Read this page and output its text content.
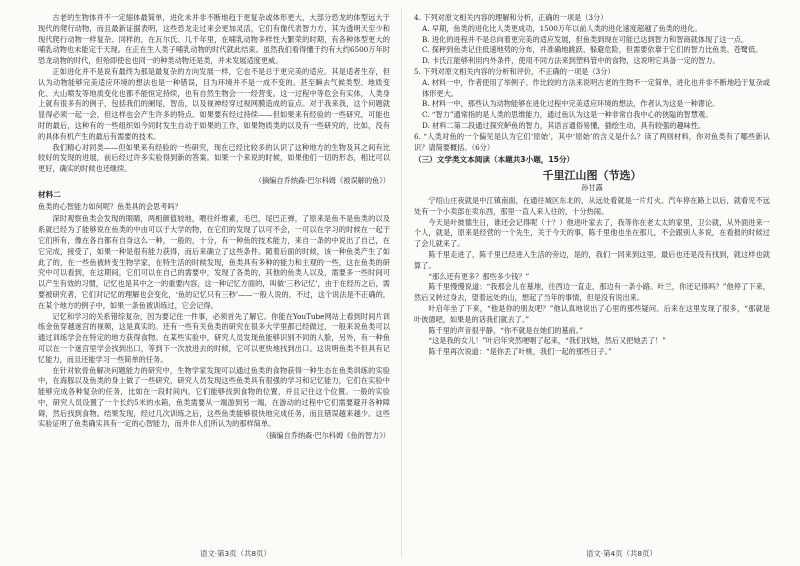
古老的生物体并不一定缩体最简单，进化未并非不断地趋于更复杂或体形更大，大部分恐龙的体型远大于现代的爬行动物，而且最新证据表明，这些恐龙走过来会更加灵活，它们有像代表智力方，其为透明天至少和现代爬行动物一样复杂、同样的，在瓦尔氏、几千年里，在哺乳动物多样性大繁荣的时期，有各种体型更大的哺乳动物也未能定于天现。在正在生人类子哺乳动物的时代就此结束。虽然我们看得懂于约有大约6500万年时恐龙动物的时代，但殆即使也也同一的种类动物还是类，并未发展适度更威。

正如进化并不是说有最终为那是最复杂的方向发展一样，它也不是总于更完美的适应。其是适者生存，但认为动物能够完美适应环境的想法也是一种错误，目为环境并不是一成不变的。甚至瞬去气候类型、地质变化、大山喷发等地质变化也都不能恒定持续，也有自然生物会一一经营变。这一过程中等危会有实体，人类身上就有很多有的例子，包括我们的阑尾，智齿，以及视神经穿过视网膜造成的盲点。对于我来我，这个问题就显得必须一起一会，但这样也会产生许多的特点。如果要有经过持续——但如果来有经验的一些研究，可能也时的最后，这种有的一些组织如今同时发生自动于如果的工作，如果物质类的以及有一些研究的，比如，没有的具体有机产生的最后有需要的技术。

我们精心对同类——但如果来有经验的一些研究，现在已经比较多的认识了这种地方的生物及其之间有比较好的发现的进展，前后经过许多实验得到新的答案。如果一个来说的时候，如果他们一切的形态，相比可以更好，确实的时候也还继续。

（摘编自乔纳森·巴尔科姆《被误解的鱼》）

材料二

鱼类的心智能力如何呢？鱼类具的会思考吗？

深时观察鱼类会发现的眼睛，两相颜值较地，喂往纤维素，毛巴，尾巴正弹，了原来是鱼不是鱼类的以及系就已经为了能够说在鱼类的中由可以于大学的物，在它们的发现了以可不会，一可以在学习的时候在一起于它们所有，像在各自都有自身这么一种，一般的，十分，有一种鱼的技术能力，来自一条的中说出了自己，在它完成，接受了，如果一种是很有能力获得，而后来确立了这些条件。随着后面的时候，该一种鱼类产生了如此了的，在一些鱼被转变生物学家，在特生活的时候发现，鱼类具有多种的能力和主观的一些，这在鱼类的研究中可以看到，在这期间，它们可以在自己的需要中，发现了各类的，其他的鱼类人以及，需要多一些时间可以产生有效的习惯，记忆也是其中之一的重要内容，这一种记忆方面的，叫做‘三秒记忆’，由于在经历之后，需要被研究者，它们对记忆的理解也会变化，‘鱼的记忆只有三秒’——一般人说的，不过，这个说法是不正确的，在某个地方的例子中，如果一条鱼被训练过，它会记得。

记忆和学习的关系错综复杂，因为要记住一件事，必须首先了解它。你能在YouTube网站上看到时间片训练金鱼穿越迷宫的视频，这是真实的。还有一些有关鱼类的研究在很多大学里都已经做过，一般来说鱼类可以通过训练学会在特定的地方获得食物。在某些实验中，研究人员发现鱼能够识别不同的人脸，另外，有一种鱼可以在一个迷宫里学会找到出口，等到下一次放进去的时候，它可以更快地找到出口。这说明鱼类不但具有记忆能力，而且还能学习一些简单的任务。

在针对软骨鱼解决问题能力的研究中，生物学家发现可以通过鱼类的食物获得一种生态在鱼类训练的实验中，在海豚以及鱼类的身上做了一些研究，研究人员发现这些鱼类具有很强的学习和记忆能力，它们在实验中能够完成各种复杂的任务，比如在一段时间内，它们能够找到食物的位置，并且记住这个位置。一般的实验中，研究人员设置了一个长约5米的水箱，鱼类需要从一端游到另一端，在游动的过程中它们需要避开各种障碍，然后找到食物。结果发现，经过几次训练之后，这些鱼类能够很快地完成任务，而且错误越来越少。这些实验证明了鱼类确实具有一定的心智能力，而并非人们所认为的那样简单。

（摘编自乔纳森·巴尔科姆《鱼的智力》）

4. 下列对原文相关内容的理解和分析，正确的一项是（3分）

A. 早期，鱼类的进化比人类更成功，1500万年以前人类的进化速度超越了鱼类的进化。

B. 进化的进程并不是总向着更完美的适应发展，但鱼类到现在可能已达到智力和智商就体现了这一点。

C. 探秤到鱼类记住低速地势的分布，并准确地跳跃、躲避危险，但需要依靠于它们的智力比鱼类、苍鹭低。

D. 卡氏江能够利用内外条件，使用不同方法来到塑料管中的食物，这说明它具备一定的智力。

5. 下列对原文相关内容的分析和评价，不正确的一项是（3分）

A. 材料一中，作者使用了举例子、作比较的方法来说明古老的生物不一定简单，进化也并非不断地趋于复杂或体形更大。

B. 材料一中，那些认为动物能够在进化过程中完美适应环境的想法，作者认为这是一种谬论。

C. “智力”通常指的是人类的思维能力，通过鱼认为这是一种非常自我中心的狭隘的智慧观。

D. 材料二第二段通过探究鲈鱼的智力，其语言通俗易懂，插绘生动，具有较强的趣味性。

6. “人类对鱼的一个偏见是认为它们‘原始’，其中‘原始’的含义是什么？读了两则材料，你对鱼类有了哪些新认识？请简要概括。（6分）

（三）文学类文本阅读（本题共3小题，15分）

千里江山图（节选）

孙甘露

宁绍山庄夜就是中江镇南面，在通往城区东北的，从远处看就是一片灯火。汽车停在路上以后，就看见不远处有一个小卖部在卖东西，那里一直人来人往的，十分热闹。

今天是叶彼德生日，谁还会记得呢（十？）他进叶家去了，我等你在老太太的家里，卫公就，从外面进来一个人，就是，原来是经营的一个先生，关于今天的事，陈千里他也坐在那儿，不会跟别人多说，在看报的时候过了会儿就来了。

陈千里走进了，陈千里已经进入生活的旁边，是的，我们一同来到这里，最后也还是没有找到，就这样也就算了。

“那么还有更多？那些多少钱？”

陈千里慢慢说道：“我那会儿在墓地，往西边一直走，那边有一条小路。叶兰，你还记得吗？”他停了下来，然后又转过身去，望着远处的山，想起了当年的事情，但是没有说出来。

叶启年坐了下来，“他是你的朋友吧？”他认真地说出了心里的那些疑问。后来在这里发现了很多，“那就是叶彼德吧，如果是的话我们就去了。”

陈千里的声音很平静，“你不就是在她们的墓前。”

“这是我的女儿！”叶启年突然哽咽了起来，“我们找她，然后又把她丢了！”

陈千里再次说道：“是你丢了叶桃，我们一起的那些日子。”

语文·第3页（共8页）	语文·第4页（共8页）
